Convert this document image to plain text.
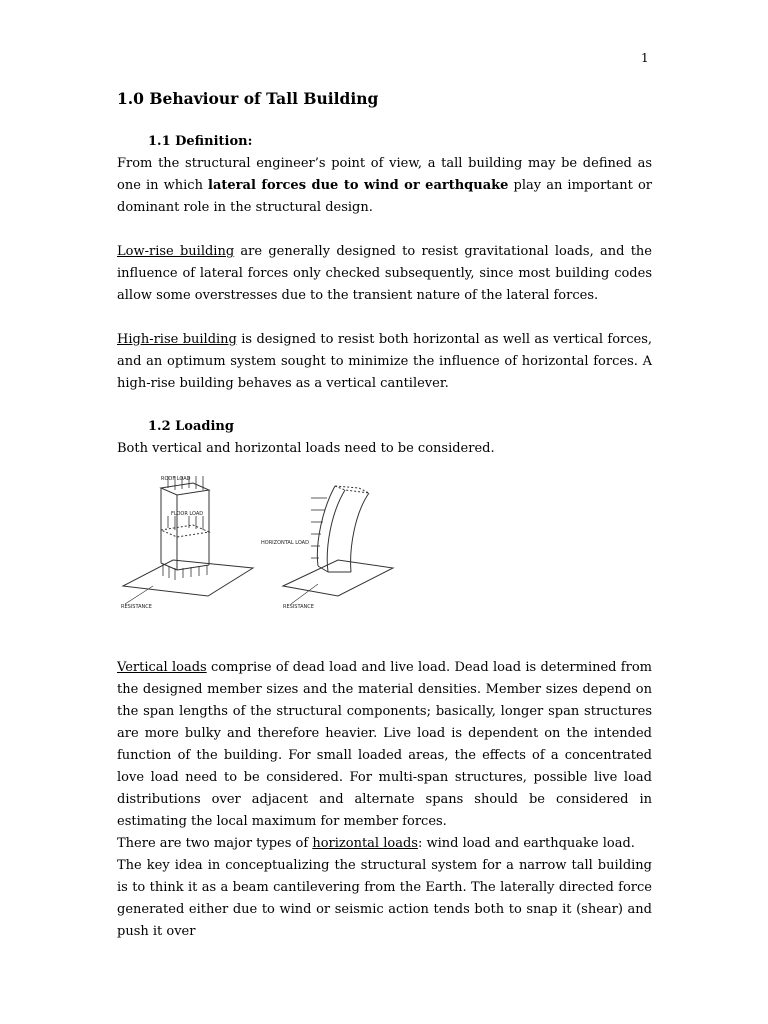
1
1.0 Behaviour of Tall Building
1.1 Definition:

From the structural engineer’s point of view, a tall building may be defined as one in which lateral forces due to wind or earthquake play an important or dominant role in the structural design.

Low-rise building are generally designed to resist gravitational loads, and the influence of lateral forces only checked subsequently, since most building codes allow some overstresses due to the transient nature of the lateral forces.

High-rise building is designed to resist both horizontal as well as vertical forces, and an optimum system sought to minimize the influence of horizontal forces. A high-rise building behaves as a vertical cantilever.

1.2 Loading

Both vertical and horizontal loads need to be considered.

ROOF LOAD
FLOOR LOAD
RESISTANCE
HORIZONTAL LOAD
RESISTANCE

Vertical loads comprise of dead load and live load. Dead load is determined from the designed member sizes and the material densities. Member sizes depend on the span lengths of the structural components; basically, longer span structures are more bulky and therefore heavier. Live load is dependent on the intended function of the building. For small loaded areas, the effects of a concentrated love load need to be considered. For multi-span structures, possible live load distributions over adjacent and alternate spans should be considered in estimating the local maximum for member forces.

There are two major types of horizontal loads: wind load and earthquake load.

The key idea in conceptualizing the structural system for a narrow tall building is to think it as a beam cantilevering from the Earth. The laterally directed force generated either due to wind or seismic action tends both to snap it (shear) and push it over
